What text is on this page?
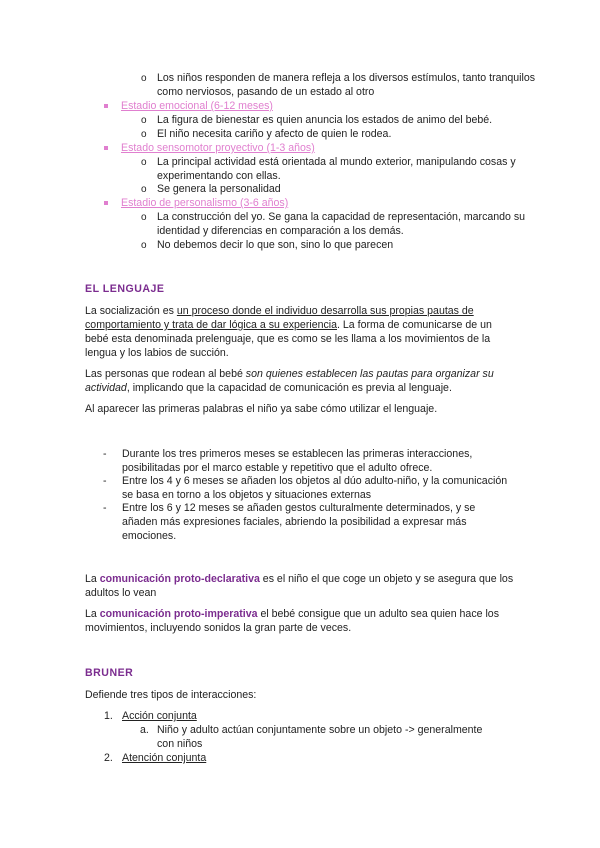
o Los niños responden de manera refleja a los diversos estímulos, tanto tranquilos como nerviosos, pasando de un estado al otro
Estadio emocional (6-12 meses)
o La figura de bienestar es quien anuncia los estados de animo del bebé.
o El niño necesita cariño y afecto de quien le rodea.
Estado sensomotor proyectivo (1-3 años)
o La principal actividad está orientada al mundo exterior, manipulando cosas y experimentando con ellas.
o Se genera la personalidad
Estadio de personalismo (3-6 años)
o La construcción del yo. Se gana la capacidad de representación, marcando su identidad y diferencias en comparación a los demás.
o No debemos decir lo que son, sino lo que parecen
EL LENGUAJE
La socialización es un proceso donde el individuo desarrolla sus propias pautas de comportamiento y trata de dar lógica a su experiencia. La forma de comunicarse de un bebé esta denominada prelenguaje, que es como se les llama a los movimientos de la lengua y los labios de succión.
Las personas que rodean al bebé son quienes establecen las pautas para organizar su actividad, implicando que la capacidad de comunicación es previa al lenguaje.
Al aparecer las primeras palabras el niño ya sabe cómo utilizar el lenguaje.
- Durante los tres primeros meses se establecen las primeras interacciones, posibilitadas por el marco estable y repetitivo que el adulto ofrece.
- Entre los 4 y 6 meses se añaden los objetos al dúo adulto-niño, y la comunicación se basa en torno a los objetos y situaciones externas
- Entre los 6 y 12 meses se añaden gestos culturalmente determinados, y se añaden más expresiones faciales, abriendo la posibilidad a expresar más emociones.
La comunicación proto-declarativa es el niño el que coge un objeto y se asegura que los adultos lo vean
La comunicación proto-imperativa el bebé consigue que un adulto sea quien hace los movimientos, incluyendo sonidos la gran parte de veces.
BRUNER
Defiende tres tipos de interacciones:
1. Acción conjunta
a. Niño y adulto actúan conjuntamente sobre un objeto -> generalmente con niños
2. Atención conjunta
